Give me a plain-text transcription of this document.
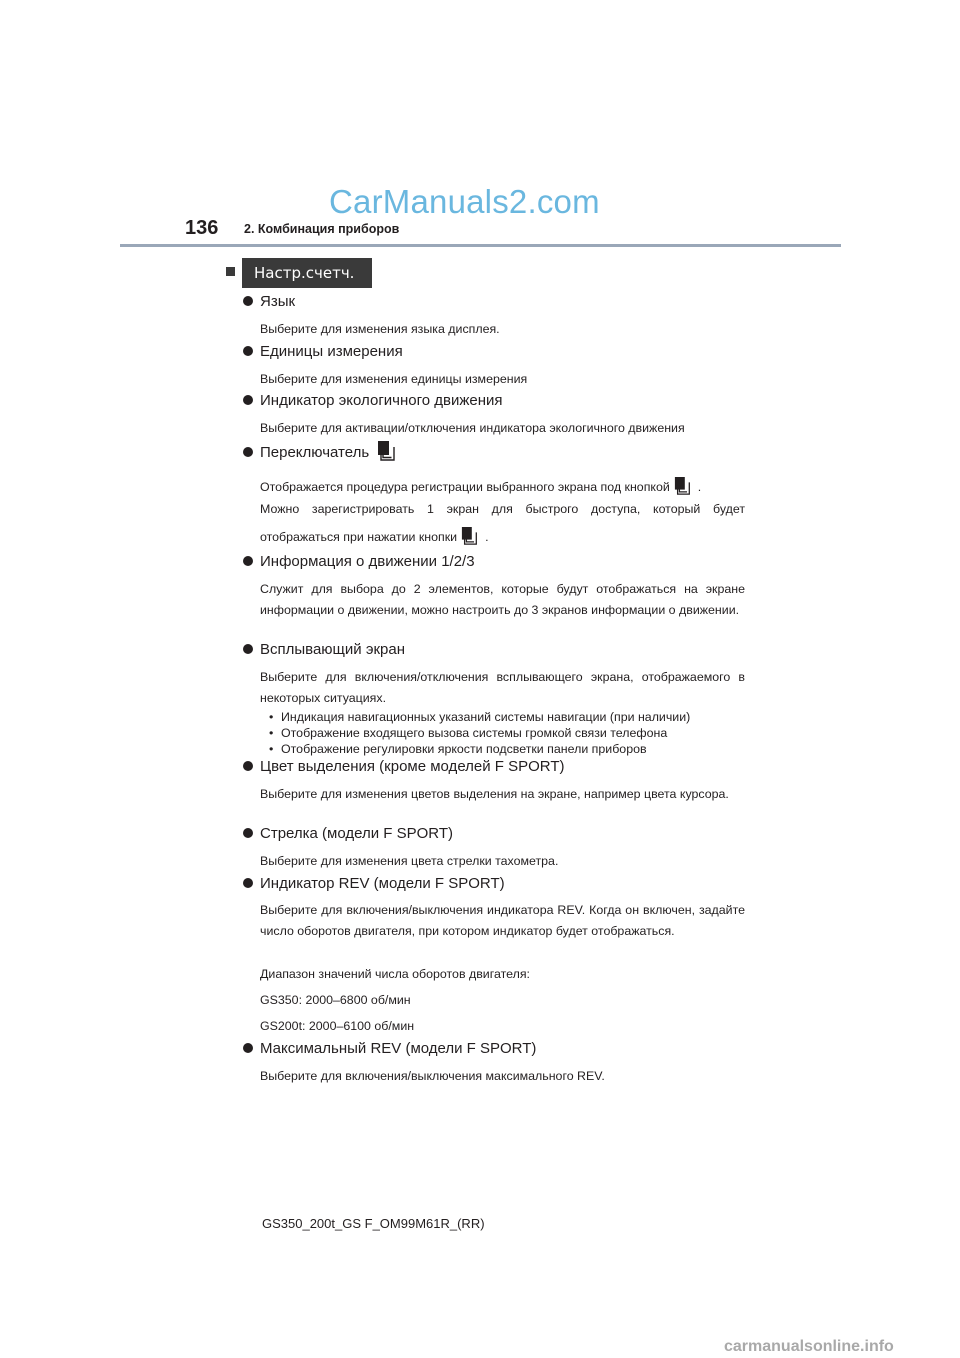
CarManuals2.com
136 2. Комбинация приборов
Настр.счетч.
Язык

Выберите для изменения языка дисплея.

Единицы измерения

Выберите для изменения единицы измерения

Индикатор экологичного движения

Выберите для активации/отключения индикатора экологичного движения

Переключатель

Отображается процедура регистрации выбранного экрана под кнопкой .

Можно зарегистрировать 1 экран для быстрого доступа, который будет

отображаться при нажатии кнопки .

Информация о движении 1/2/3

Служит для выбора до 2 элементов, которые будут отображаться на экране информации о движении, можно настроить до 3 экранов информации о движении.

Всплывающий экран

Выберите для включения/отключения всплывающего экрана, отображаемого в некоторых ситуациях.

• Индикация навигационных указаний системы навигации (при наличии)

• Отображение входящего вызова системы громкой связи телефона

• Отображение регулировки яркости подсветки панели приборов

Цвет выделения (кроме моделей F SPORT)

Выберите для изменения цветов выделения на экране, например цвета курсора.

Стрелка (модели F SPORT)

Выберите для изменения цвета стрелки тахометра.

Индикатор REV (модели F SPORT)

Выберите для включения/выключения индикатора REV. Когда он включен, задайте число оборотов двигателя, при котором индикатор будет отображаться.

Диапазон значений числа оборотов двигателя:

GS350: 2000–6800 об/мин

GS200t: 2000–6100 об/мин

Максимальный REV (модели F SPORT)

Выберите для включения/выключения максимального REV.

GS350_200t_GS F_OM99M61R_(RR)
carmanualsonline.info
